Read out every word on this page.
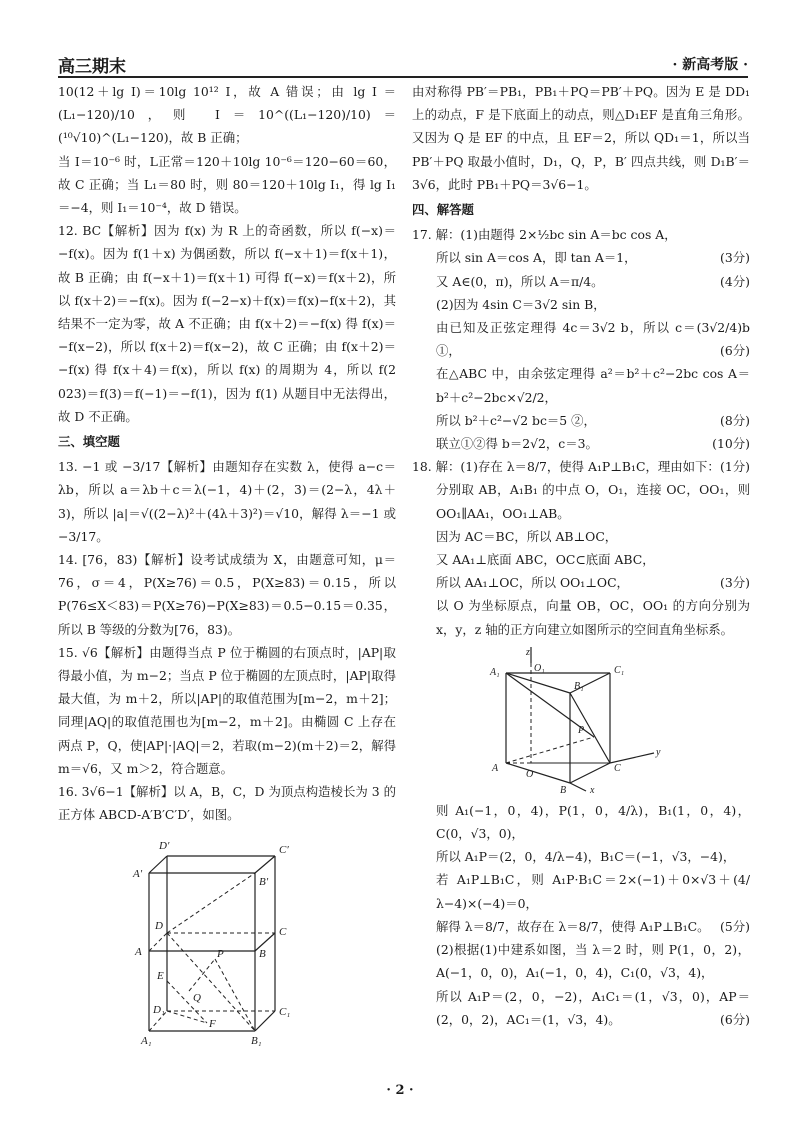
高三期末	· 新高考版 ·

10(12＋lg I)＝10lg 10¹² I，故 A 错误；由 lg I ＝ (L₁−120)/10，则 I＝10^((L₁−120)/10)＝(¹⁰√10)^(L₁−120)，故 B 正确；

当 I＝10⁻⁶ 时，L正常＝120＋10lg 10⁻⁶＝120−60＝60，故 C 正确；当 L₁＝80 时，则 80＝120＋10lg I₁，得 lg I₁＝−4，则 I₁＝10⁻⁴，故 D 错误。

12. BC【解析】因为 f(x) 为 R 上的奇函数，所以 f(−x)＝−f(x)。因为 f(1＋x) 为偶函数，所以 f(−x＋1)＝f(x＋1)，故 B 正确；由 f(−x＋1)＝f(x＋1) 可得 f(−x)＝f(x＋2)，所以 f(x＋2)＝−f(x)。因为 f(−2−x)＋f(x)＝f(x)−f(x＋2)，其结果不一定为零，故 A 不正确；由 f(x＋2)＝−f(x) 得 f(x)＝−f(x−2)，所以 f(x＋2)＝f(x−2)，故 C 正确；由 f(x＋2)＝−f(x) 得 f(x＋4)＝f(x)，所以 f(x) 的周期为 4，所以 f(2 023)＝f(3)＝f(−1)＝−f(1)，因为 f(1) 从题目中无法得出，故 D 不正确。

三、填空题

13. −1 或 −3/17【解析】由题知存在实数 λ，使得 a−c＝λb，所以 a＝λb＋c＝λ(−1，4)＋(2，3)＝(2−λ，4λ＋3)，所以 |a|＝√((2−λ)²＋(4λ＋3)²)＝√10，解得 λ＝−1 或 −3/17。

14. [76，83)【解析】设考试成绩为 X，由题意可知，μ＝76，σ＝4，P(X≥76)＝0.5，P(X≥83)＝0.15，所以 P(76≤X＜83)＝P(X≥76)−P(X≥83)＝0.5−0.15＝0.35，所以 B 等级的分数为[76，83)。

15. √6【解析】由题得当点 P 位于椭圆的右顶点时，|AP|取得最小值，为 m−2；当点 P 位于椭圆的左顶点时，|AP|取得最大值，为 m＋2，所以|AP|的取值范围为[m−2，m＋2]；同理|AQ|的取值范围也为[m−2，m＋2]。由椭圆 C 上存在两点 P，Q，使|AP|·|AQ|＝2，若取(m−2)(m＋2)＝2，解得 m＝√6，又 m＞2，符合题意。

16. 3√6−1【解析】以 A，B，C，D 为顶点构造棱长为 3 的正方体 ABCD-A′B′C′D′，如图。

D′	C′
A′
B′
D	C
P
A	B
E
Q
D₁
F
C₁
A₁	B₁

由对称得 PB′＝PB₁，PB₁＋PQ＝PB′＋PQ。因为 E 是 DD₁ 上的动点，F 是下底面上的动点，则△D₁EF 是直角三角形。又因为 Q 是 EF 的中点，且 EF＝2，所以 QD₁＝1，所以当 PB′＋PQ 取最小值时，D₁，Q，P，B′ 四点共线，则 D₁B′＝3√6，此时 PB₁＋PQ＝3√6−1。

四、解答题

17. 解：(1)由题得 2×½bc sin A＝bc cos A，

所以 sin A＝cos A，即 tan A＝1，	(3分)

又 A∈(0，π)，所以 A＝π/4。	(4分)

(2)因为 4sin C＝3√2 sin B，

由已知及正弦定理得 4c＝3√2 b，所以 c＝(3√2/4)b ①，	(6分)

在△ABC 中，由余弦定理得 a²＝b²＋c²−2bc cos A＝b²＋c²−2bc×√2/2，

所以 b²＋c²−√2 bc＝5 ②，	(8分)

联立①②得 b＝2√2，c＝3。	(10分)

18. 解：(1)存在 λ＝8/7，使得 A₁P⊥B₁C，理由如下： (1分)

分别取 AB，A₁B₁ 的中点 O，O₁，连接 OC，OO₁，则 OO₁∥AA₁，OO₁⊥AB。

因为 AC＝BC，所以 AB⊥OC，

又 AA₁⊥底面 ABC，OC⊂底面 ABC，

所以 AA₁⊥OC，所以 OO₁⊥OC，	(3分)

以 O 为坐标原点，向量 OB，OC，OO₁ 的方向分别为 x，y，z 轴的正方向建立如图所示的空间直角坐标系。

z
A₁	O₁
B₁
C₁
P
y
A
O
C
B x

则 A₁(−1，0，4)，P(1，0，4/λ)，B₁(1，0，4)，C(0，√3，0)，

所以 A₁P＝(2，0，4/λ−4)，B₁C＝(−1，√3，−4)，

若 A₁P⊥B₁C，则 A₁P·B₁C＝2×(−1)＋0×√3＋(4/λ−4)×(−4)＝0，

解得 λ＝8/7，故存在 λ＝8/7，使得 A₁P⊥B₁C。 (5分)

(2)根据(1)中建系如图，当 λ＝2 时，则 P(1，0，2)，A(−1，0，0)，A₁(−1，0，4)，C₁(0，√3，4)，

所以 A₁P＝(2，0，−2)，A₁C₁＝(1，√3，0)，AP＝(2，0，2)，AC₁＝(1，√3，4)。	(6分)

· 2 ·
